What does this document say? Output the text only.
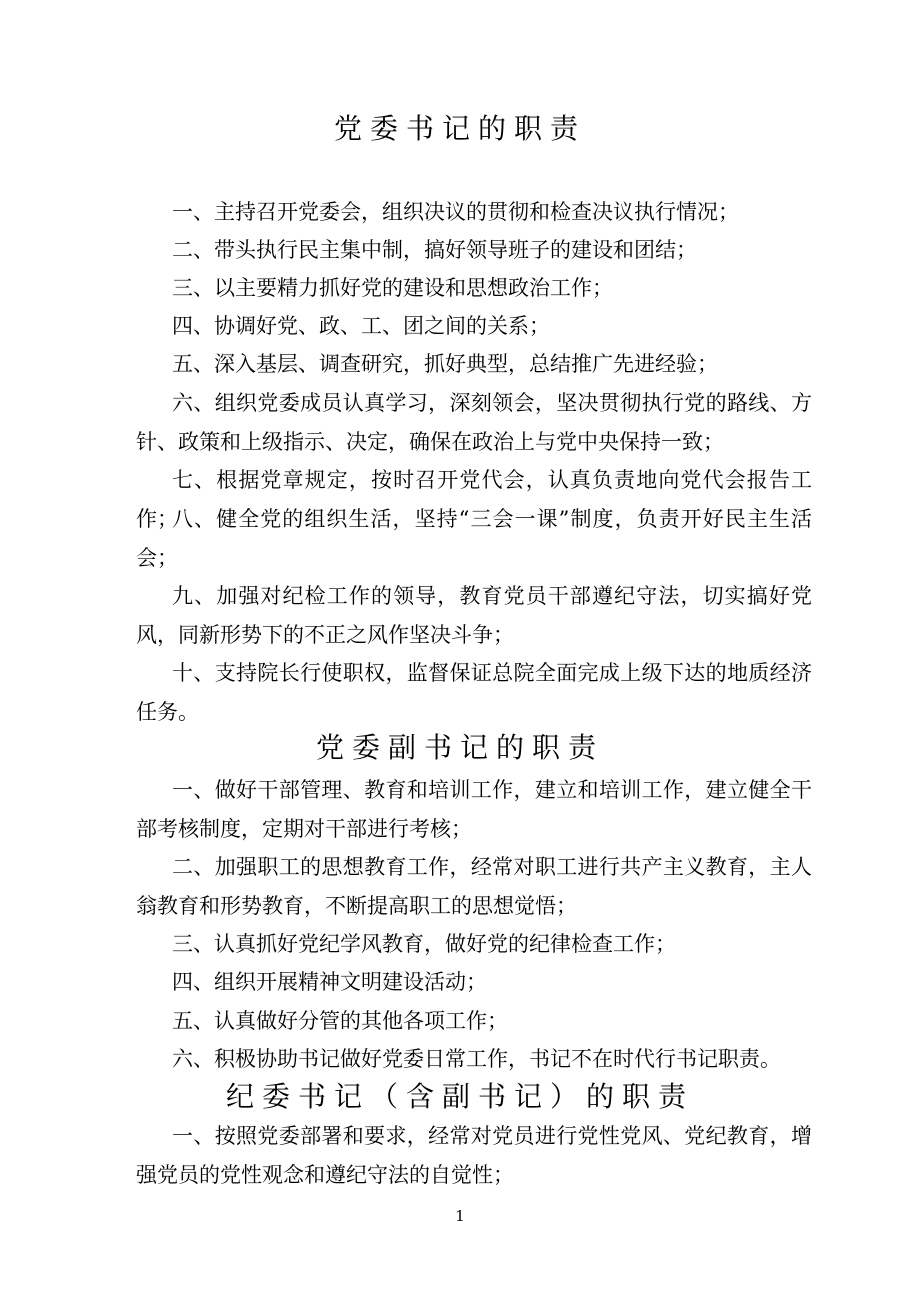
党委书记的职责
一、主持召开党委会，组织决议的贯彻和检查决议执行情况；
二、带头执行民主集中制，搞好领导班子的建设和团结；
三、以主要精力抓好党的建设和思想政治工作；
四、协调好党、政、工、团之间的关系；
五、深入基层、调查研究，抓好典型，总结推广先进经验；
六、组织党委成员认真学习，深刻领会，坚决贯彻执行党的路线、方针、政策和上级指示、决定，确保在政治上与党中央保持一致；
七、根据党章规定，按时召开党代会，认真负责地向党代会报告工作；
八、健全党的组织生活，坚持“三会一课”制度，负责开好民主生活会；
九、加强对纪检工作的领导，教育党员干部遵纪守法，切实搞好党风，同新形势下的不正之风作坚决斗争；
十、支持院长行使职权，监督保证总院全面完成上级下达的地质经济任务。
党委副书记的职责
一、做好干部管理、教育和培训工作，建立和培训工作，建立健全干部考核制度，定期对干部进行考核；
二、加强职工的思想教育工作，经常对职工进行共产主义教育，主人翁教育和形势教育，不断提高职工的思想觉悟；
三、认真抓好党纪学风教育，做好党的纪律检查工作；
四、组织开展精神文明建设活动；
五、认真做好分管的其他各项工作；
六、积极协助书记做好党委日常工作，书记不在时代行书记职责。
纪委书记（含副书记）的职责
一、按照党委部署和要求，经常对党员进行党性党风、党纪教育，增强党员的党性观念和遵纪守法的自觉性；
1
